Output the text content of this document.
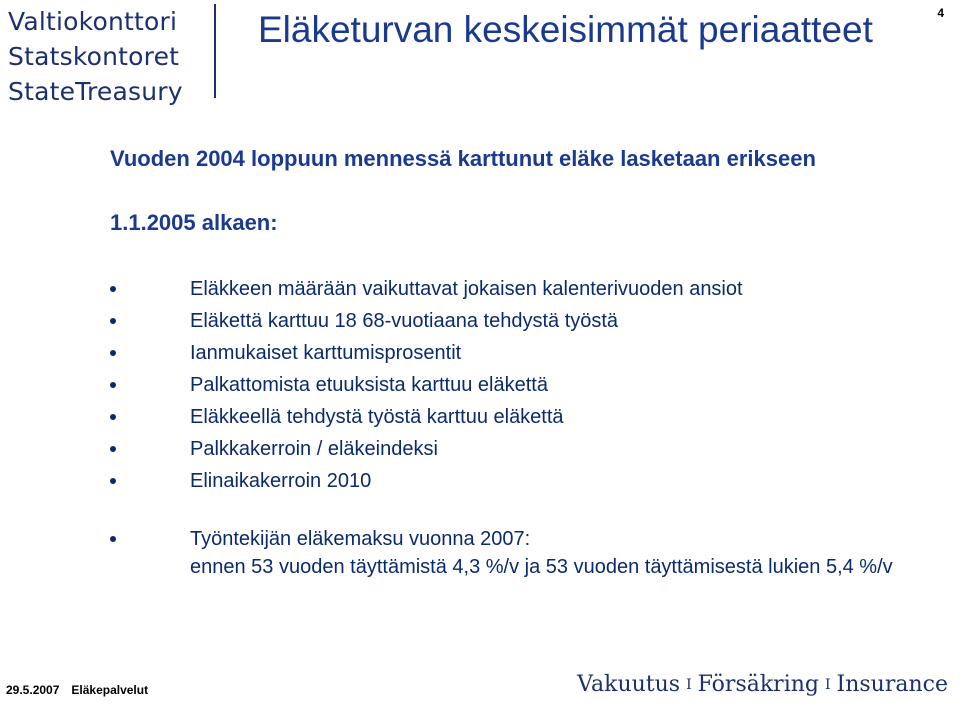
Valtiokonttori
Statskontoret
StateTreasury
Eläketurvan keskeisimmät periaatteet	4
Vuoden 2004 loppuun mennessä karttunut eläke lasketaan erikseen
1.1.2005 alkaen:
Eläkkeen määrään vaikuttavat jokaisen kalenterivuoden ansiot
Eläkettä karttuu 18 68-vuotiaana tehdystä työstä
Ianmukaiset karttumisprosentit
Palkattomista etuuksista karttuu eläkettä
Eläkkeellä tehdystä työstä karttuu eläkettä
Palkkakerroin / eläkeindeksi
Elinaikakerroin 2010
Työntekijän eläkemaksu vuonna 2007:
ennen 53 vuoden täyttämistä 4,3 %/v ja 53 vuoden täyttämisestä lukien 5,4 %/v
29.5.2007 Eläkepalvelut	Vakuutus I Försäkring I Insurance
